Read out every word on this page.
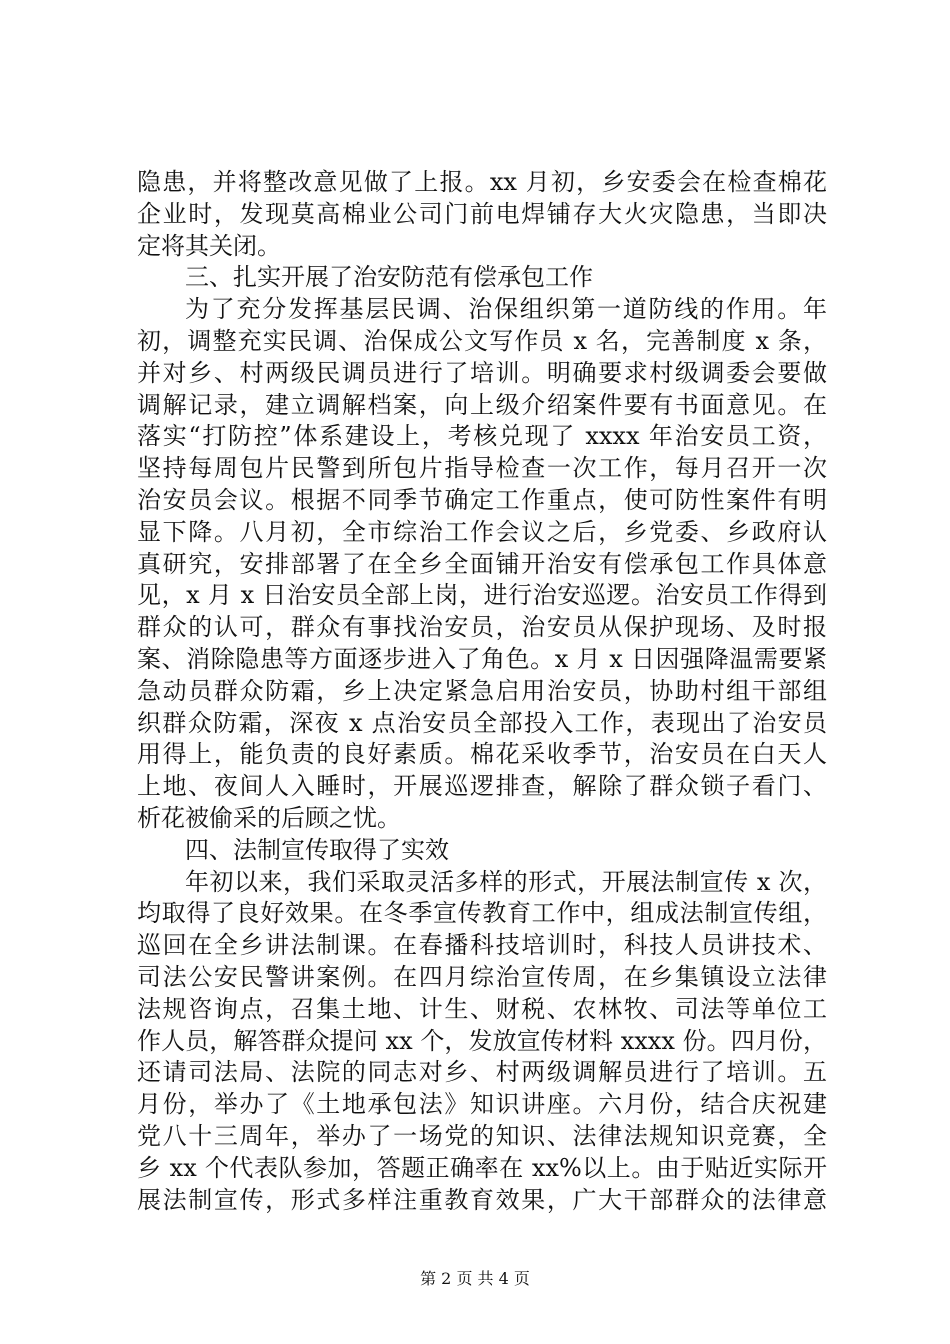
隐患，并将整改意见做了上报。xx 月初，乡安委会在检查棉花
企业时，发现莫高棉业公司门前电焊铺存大火灾隐患，当即决
定将其关闭。
三、扎实开展了治安防范有偿承包工作
为了充分发挥基层民调、治保组织第一道防线的作用。年
初，调整充实民调、治保成公文写作员 x 名，完善制度 x 条，
并对乡、村两级民调员进行了培训。明确要求村级调委会要做
调解记录，建立调解档案，向上级介绍案件要有书面意见。在
落实“打防控”体系建设上，考核兑现了 xxxx 年治安员工资，
坚持每周包片民警到所包片指导检查一次工作，每月召开一次
治安员会议。根据不同季节确定工作重点，使可防性案件有明
显下降。八月初，全市综治工作会议之后，乡党委、乡政府认
真研究，安排部署了在全乡全面铺开治安有偿承包工作具体意
见，x 月 x 日治安员全部上岗，进行治安巡逻。治安员工作得到
群众的认可，群众有事找治安员，治安员从保护现场、及时报
案、消除隐患等方面逐步进入了角色。x 月 x 日因强降温需要紧
急动员群众防霜，乡上决定紧急启用治安员，协助村组干部组
织群众防霜，深夜 x 点治安员全部投入工作，表现出了治安员
用得上，能负责的良好素质。棉花采收季节，治安员在白天人
上地、夜间人入睡时，开展巡逻排查，解除了群众锁子看门、
析花被偷采的后顾之忧。
四、法制宣传取得了实效
年初以来，我们采取灵活多样的形式，开展法制宣传 x 次，
均取得了良好效果。在冬季宣传教育工作中，组成法制宣传组，
巡回在全乡讲法制课。在春播科技培训时，科技人员讲技术、
司法公安民警讲案例。在四月综治宣传周，在乡集镇设立法律
法规咨询点，召集土地、计生、财税、农林牧、司法等单位工
作人员，解答群众提问 xx 个，发放宣传材料 xxxx 份。四月份，
还请司法局、法院的同志对乡、村两级调解员进行了培训。五
月份，举办了《土地承包法》知识讲座。六月份，结合庆祝建
党八十三周年，举办了一场党的知识、法律法规知识竞赛，全
乡 xx 个代表队参加，答题正确率在 xx%以上。由于贴近实际开
展法制宣传，形式多样注重教育效果，广大干部群众的法律意
第 2 页 共 4 页
